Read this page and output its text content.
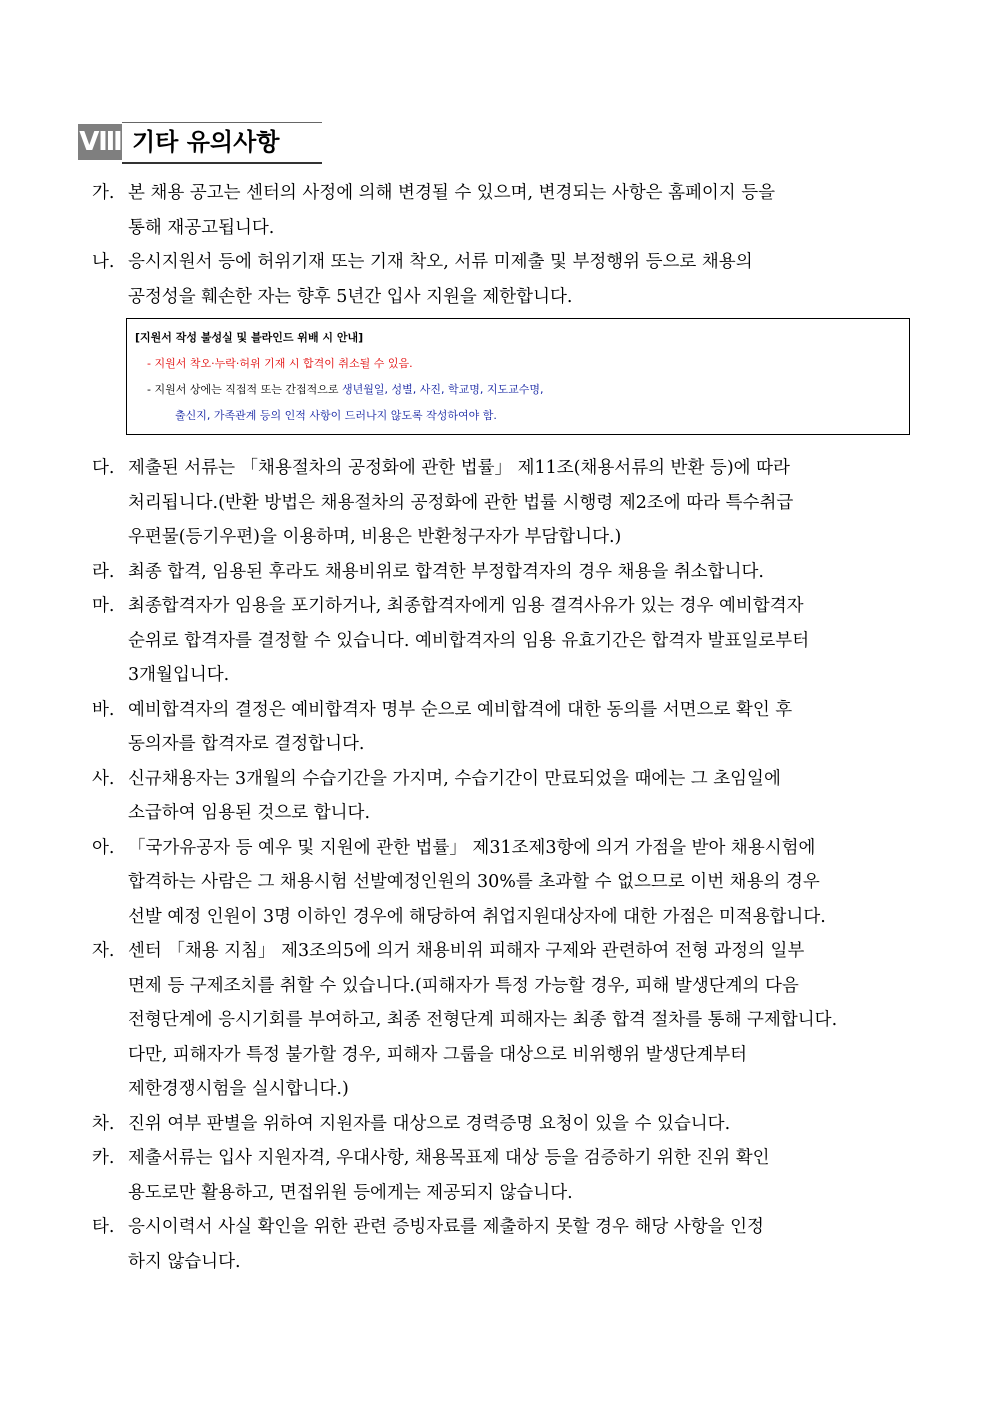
Ⅷ 기타 유의사항
가. 본 채용 공고는 센터의 사정에 의해 변경될 수 있으며, 변경되는 사항은 홈페이지 등을
통해 재공고됩니다.
나. 응시지원서 등에 허위기재 또는 기재 착오, 서류 미제출 및 부정행위 등으로 채용의
공정성을 훼손한 자는 향후 5년간 입사 지원을 제한합니다.
[지원서 작성 불성실 및 블라인드 위배 시 안내]
- 지원서 착오·누락·허위 기재 시 합격이 취소될 수 있음.
- 지원서 상에는 직접적 또는 간접적으로 생년월일, 성별, 사진, 학교명, 지도교수명,
출신지, 가족관계 등의 인적 사항이 드러나지 않도록 작성하여야 함.
다. 제출된 서류는 「채용절차의 공정화에 관한 법률」 제11조(채용서류의 반환 등)에 따라
처리됩니다.(반환 방법은 채용절차의 공정화에 관한 법률 시행령 제2조에 따라 특수취급
우편물(등기우편)을 이용하며, 비용은 반환청구자가 부담합니다.)
라. 최종 합격, 임용된 후라도 채용비위로 합격한 부정합격자의 경우 채용을 취소합니다.
마. 최종합격자가 임용을 포기하거나, 최종합격자에게 임용 결격사유가 있는 경우 예비합격자
순위로 합격자를 결정할 수 있습니다. 예비합격자의 임용 유효기간은 합격자 발표일로부터
3개월입니다.
바. 예비합격자의 결정은 예비합격자 명부 순으로 예비합격에 대한 동의를 서면으로 확인 후
동의자를 합격자로 결정합니다.
사. 신규채용자는 3개월의 수습기간을 가지며, 수습기간이 만료되었을 때에는 그 초임일에
소급하여 임용된 것으로 합니다.
아. 「국가유공자 등 예우 및 지원에 관한 법률」 제31조제3항에 의거 가점을 받아 채용시험에
합격하는 사람은 그 채용시험 선발예정인원의 30%를 초과할 수 없으므로 이번 채용의 경우
선발 예정 인원이 3명 이하인 경우에 해당하여 취업지원대상자에 대한 가점은 미적용합니다.
자. 센터 「채용 지침」 제3조의5에 의거 채용비위 피해자 구제와 관련하여 전형 과정의 일부
면제 등 구제조치를 취할 수 있습니다.(피해자가 특정 가능할 경우, 피해 발생단계의 다음
전형단계에 응시기회를 부여하고, 최종 전형단계 피해자는 최종 합격 절차를 통해 구제합니다.
다만, 피해자가 특정 불가할 경우, 피해자 그룹을 대상으로 비위행위 발생단계부터
제한경쟁시험을 실시합니다.)
차. 진위 여부 판별을 위하여 지원자를 대상으로 경력증명 요청이 있을 수 있습니다.
카. 제출서류는 입사 지원자격, 우대사항, 채용목표제 대상 등을 검증하기 위한 진위 확인
용도로만 활용하고, 면접위원 등에게는 제공되지 않습니다.
타. 응시이력서 사실 확인을 위한 관련 증빙자료를 제출하지 못할 경우 해당 사항을 인정
하지 않습니다.
